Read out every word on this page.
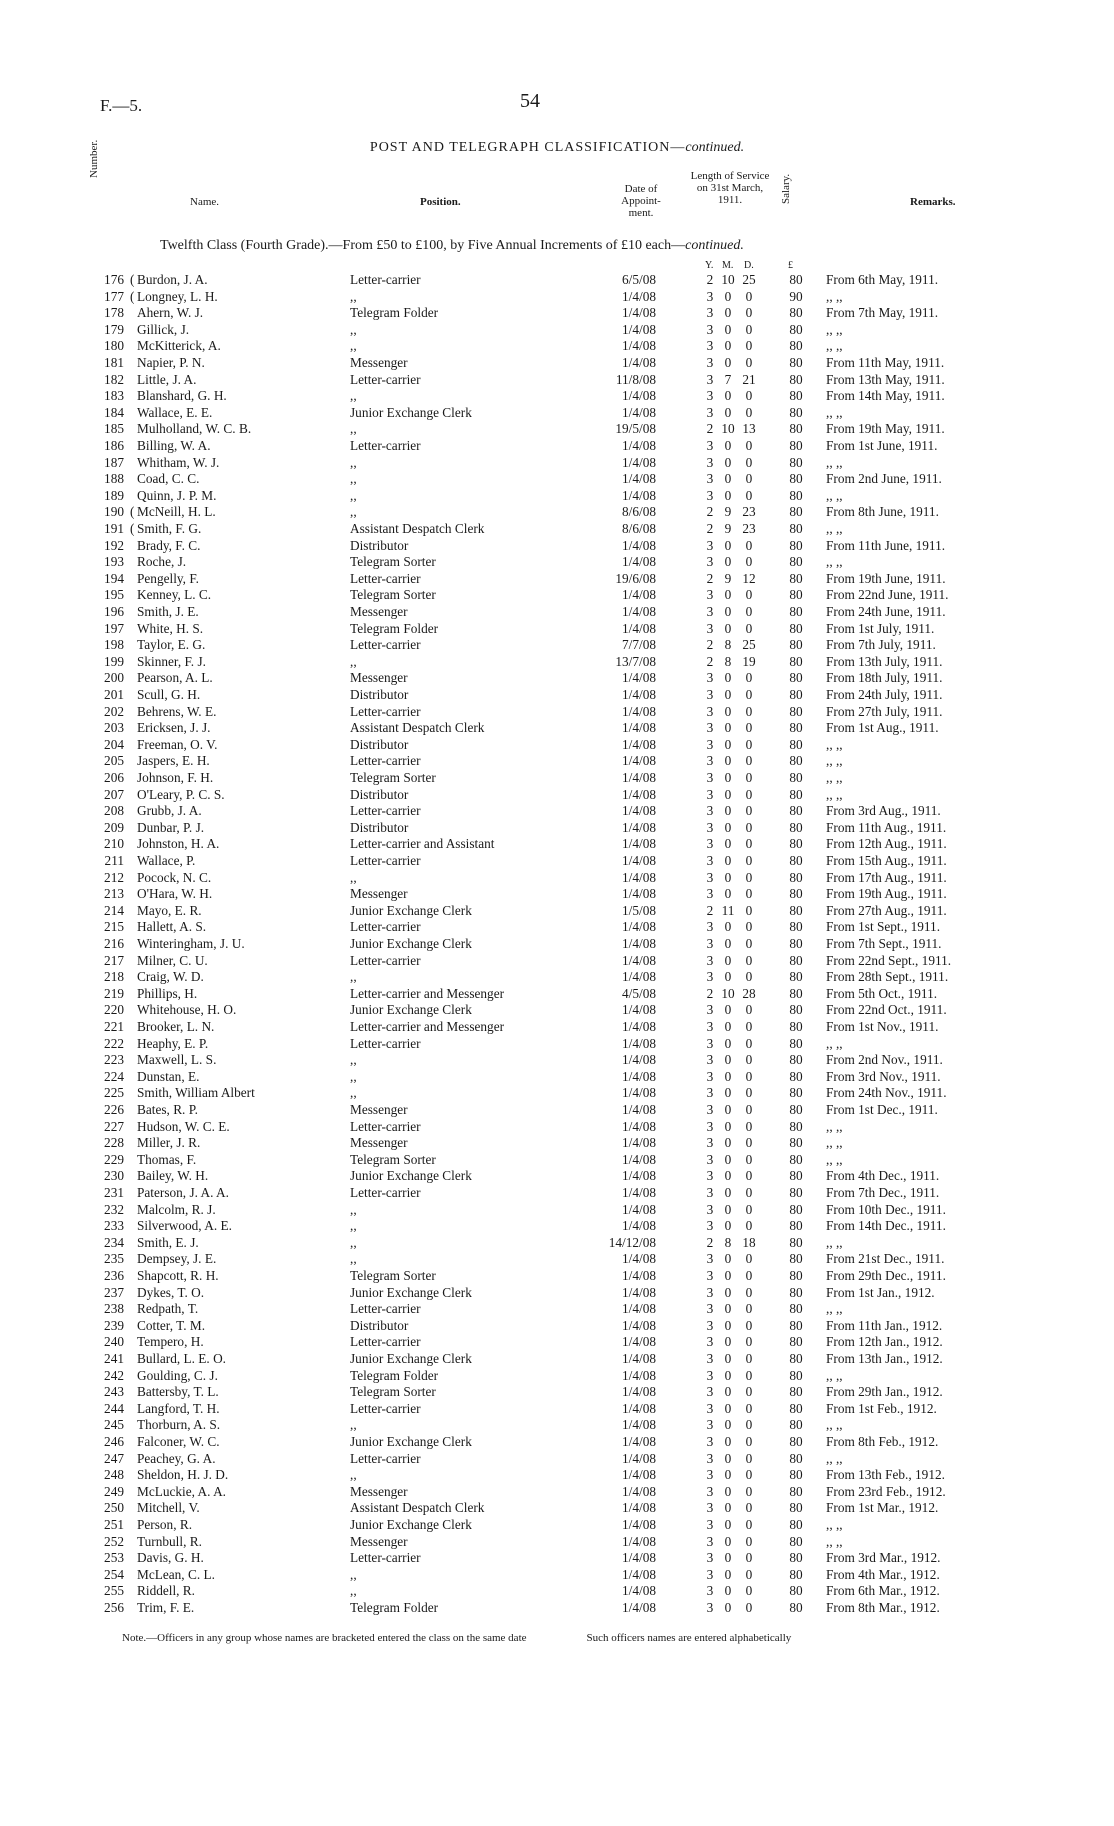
F.—5.	54
POST AND TELEGRAPH CLASSIFICATION—continued.
Number.
Name.	Position.
Date of Appoint-ment.
Length of Service on 31st March, 1911.	Salary.	Remarks.
Twelfth Class (Fourth Grade).—From £50 to £100, by Five Annual Increments of £10 each—continued.
Y. M. D.	£
176 ( Burdon, J. A.	Letter-carrier	6/5/08	2 10 25	80	From 6th May, 1911.
177 ( Longney, L. H.	,,	1/4/08	3 0	0	90	,, ,,
178 Ahern, W. J.	Telegram Folder	1/4/08	3 0	0	80	From 7th May, 1911.
179 Gillick, J.	,,	1/4/08	3 0	0	80	,, ,,
180 McKitterick, A.	,,	1/4/08	3 0	0	80	,, ,,
181 Napier, P. N.	Messenger	1/4/08	3 0	0	80	From 11th May, 1911.
182 Little, J. A.	Letter-carrier	11/8/08	3 7 21	80	From 13th May, 1911.
183 Blanshard, G. H.	,,	1/4/08	3 0	0	80	From 14th May, 1911.
184 Wallace, E. E.	Junior Exchange Clerk	1/4/08	3 0	0	80	,, ,,
185 Mulholland, W. C. B.	,,	19/5/08	2 10 13	80	From 19th May, 1911.
186 Billing, W. A.	Letter-carrier	1/4/08	3 0	0	80	From 1st June, 1911.
187 Whitham, W. J.	,,	1/4/08	3 0	0	80	,, ,,
188 Coad, C. C.	,,	1/4/08	3 0	0	80	From 2nd June, 1911.
189 Quinn, J. P. M.	,,	1/4/08	3 0	0	80	,, ,,
190 ( McNeill, H. L.	,,	8/6/08	2 9 23	80	From 8th June, 1911.
191 ( Smith, F. G.	Assistant Despatch Clerk	8/6/08	2 9 23	80	,, ,,
192 Brady, F. C.	Distributor	1/4/08	3 0	0	80	From 11th June, 1911.
193 Roche, J.	Telegram Sorter	1/4/08	3 0	0	80	,, ,,
194 Pengelly, F.	Letter-carrier	19/6/08	2 9 12	80	From 19th June, 1911.
195 Kenney, L. C.	Telegram Sorter	1/4/08	3 0	0	80	From 22nd June, 1911.
196 Smith, J. E.	Messenger	1/4/08	3 0	0	80	From 24th June, 1911.
197 White, H. S.	Telegram Folder	1/4/08	3 0	0	80	From 1st July, 1911.
198 Taylor, E. G.	Letter-carrier	7/7/08	2 8 25	80	From 7th July, 1911.
199 Skinner, F. J.	,,	13/7/08	2 8 19	80	From 13th July, 1911.
200 Pearson, A. L.	Messenger	1/4/08	3 0	0	80	From 18th July, 1911.
201 Scull, G. H.	Distributor	1/4/08	3 0	0	80	From 24th July, 1911.
202 Behrens, W. E.	Letter-carrier	1/4/08	3 0	0	80	From 27th July, 1911.
203 Ericksen, J. J.	Assistant Despatch Clerk	1/4/08	3 0	0	80	From 1st Aug., 1911.
204 Freeman, O. V.	Distributor	1/4/08	3 0	0	80	,, ,,
205 Jaspers, E. H.	Letter-carrier	1/4/08	3 0	0	80	,, ,,
206 Johnson, F. H.	Telegram Sorter	1/4/08	3 0	0	80	,, ,,
207 O'Leary, P. C. S.	Distributor	1/4/08	3 0	0	80	,, ,,
208 Grubb, J. A.	Letter-carrier	1/4/08	3 0	0	80	From 3rd Aug., 1911.
209 Dunbar, P. J.	Distributor	1/4/08	3 0	0	80	From 11th Aug., 1911.
210 Johnston, H. A.	Letter-carrier and Assistant	1/4/08	3 0	0	80	From 12th Aug., 1911.
211 Wallace, P.	Letter-carrier	1/4/08	3 0	0	80	From 15th Aug., 1911.
212 Pocock, N. C.	,,	1/4/08	3 0	0	80	From 17th Aug., 1911.
213 O'Hara, W. H.	Messenger	1/4/08	3 0	0	80	From 19th Aug., 1911.
214 Mayo, E. R.	Junior Exchange Clerk	1/5/08	2 11 0	80	From 27th Aug., 1911.
215 Hallett, A. S.	Letter-carrier	1/4/08	3 0	0	80	From 1st Sept., 1911.
216 Winteringham, J. U.	Junior Exchange Clerk	1/4/08	3 0	0	80	From 7th Sept., 1911.
217 Milner, C. U.	Letter-carrier	1/4/08	3 0	0	80	From 22nd Sept., 1911.
218 Craig, W. D.	,,	1/4/08	3 0	0	80	From 28th Sept., 1911.
219 Phillips, H.	Letter-carrier and Messenger	4/5/08	2 10 28	80	From 5th Oct., 1911.
220 Whitehouse, H. O.	Junior Exchange Clerk	1/4/08	3 0	0	80	From 22nd Oct., 1911.
221 Brooker, L. N.	Letter-carrier and Messenger	1/4/08	3 0	0	80	From 1st Nov., 1911.
222 Heaphy, E. P.	Letter-carrier	1/4/08	3 0	0	80	,, ,,
223 Maxwell, L. S.	,,	1/4/08	3 0	0	80	From 2nd Nov., 1911.
224 Dunstan, E.	,,	1/4/08	3 0	0	80	From 3rd Nov., 1911.
225 Smith, William Albert	,,	1/4/08	3 0	0	80	From 24th Nov., 1911.
226 Bates, R. P.	Messenger	1/4/08	3 0	0	80	From 1st Dec., 1911.
227 Hudson, W. C. E.	Letter-carrier	1/4/08	3 0	0	80	,, ,,
228 Miller, J. R.	Messenger	1/4/08	3 0	0	80	,, ,,
229 Thomas, F.	Telegram Sorter	1/4/08	3 0	0	80	,, ,,
230 Bailey, W. H.	Junior Exchange Clerk	1/4/08	3 0	0	80	From 4th Dec., 1911.
231 Paterson, J. A. A.	Letter-carrier	1/4/08	3 0	0	80	From 7th Dec., 1911.
232 Malcolm, R. J.	,,	1/4/08	3 0	0	80	From 10th Dec., 1911.
233 Silverwood, A. E.	,,	1/4/08	3 0	0	80	From 14th Dec., 1911.
234 Smith, E. J.	,,	14/12/08	2 8 18	80	,, ,,
235 Dempsey, J. E.	,,	1/4/08	3 0	0	80	From 21st Dec., 1911.
236 Shapcott, R. H.	Telegram Sorter	1/4/08	3 0	0	80	From 29th Dec., 1911.
237 Dykes, T. O.	Junior Exchange Clerk	1/4/08	3 0	0	80	From 1st Jan., 1912.
238 Redpath, T.	Letter-carrier	1/4/08	3 0	0	80	,, ,,
239 Cotter, T. M.	Distributor	1/4/08	3 0	0	80	From 11th Jan., 1912.
240 Tempero, H.	Letter-carrier	1/4/08	3 0	0	80	From 12th Jan., 1912.
241 Bullard, L. E. O.	Junior Exchange Clerk	1/4/08	3 0	0	80	From 13th Jan., 1912.
242 Goulding, C. J.	Telegram Folder	1/4/08	3 0	0	80	,, ,,
243 Battersby, T. L.	Telegram Sorter	1/4/08	3 0	0	80	From 29th Jan., 1912.
244 Langford, T. H.	Letter-carrier	1/4/08	3 0	0	80	From 1st Feb., 1912.
245 Thorburn, A. S.	,,	1/4/08	3 0	0	80	,, ,,
246 Falconer, W. C.	Junior Exchange Clerk	1/4/08	3 0	0	80	From 8th Feb., 1912.
247 Peachey, G. A.	Letter-carrier	1/4/08	3 0	0	80	,, ,,
248 Sheldon, H. J. D.	,,	1/4/08	3 0	0	80	From 13th Feb., 1912.
249 McLuckie, A. A.	Messenger	1/4/08	3 0	0	80	From 23rd Feb., 1912.
250 Mitchell, V.	Assistant Despatch Clerk	1/4/08	3 0	0	80	From 1st Mar., 1912.
251 Person, R.	Junior Exchange Clerk	1/4/08	3 0	0	80	,, ,,
252 Turnbull, R.	Messenger	1/4/08	3 0	0	80	,, ,,
253 Davis, G. H.	Letter-carrier	1/4/08	3 0	0	80	From 3rd Mar., 1912.
254 McLean, C. L.	,,	1/4/08	3 0	0	80	From 4th Mar., 1912.
255 Riddell, R.	,,	1/4/08	3 0	0	80	From 6th Mar., 1912.
256 Trim, F. E.	Telegram Folder	1/4/08	3 0	0	80	From 8th Mar., 1912.
Note.—Officers in any group whose names are bracketed entered the class on the same date	Such officers names are entered alphabetically
